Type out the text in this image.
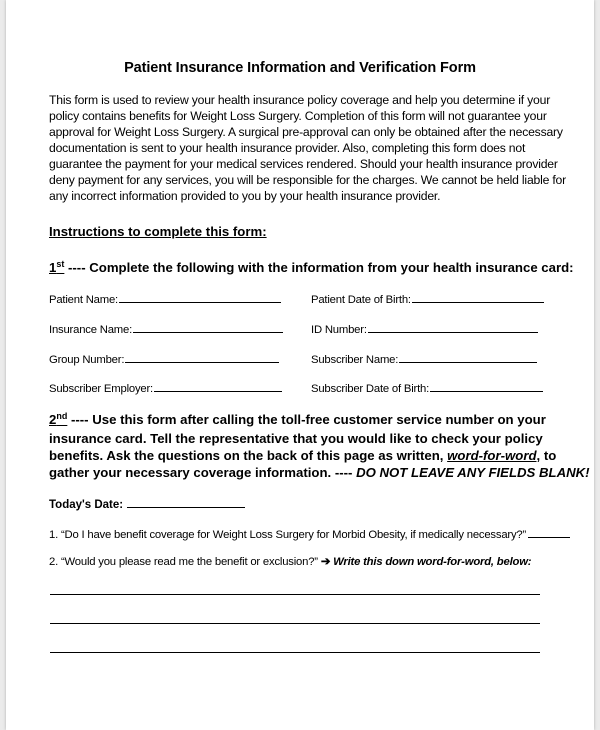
Patient Insurance Information and Verification Form
This form is used to review your health insurance policy coverage and help you determine if your
policy contains benefits for Weight Loss Surgery. Completion of this form will not guarantee your
approval for Weight Loss Surgery. A surgical pre-approval can only be obtained after the necessary
documentation is sent to your health insurance provider. Also, completing this form does not
guarantee the payment for your medical services rendered. Should your health insurance provider
deny payment for any services, you will be responsible for the charges. We cannot be held liable for
any incorrect information provided to you by your health insurance provider.
Instructions to complete this form:
1st ---- Complete the following with the information from your health insurance card:
Patient Name:	Patient Date of Birth:
Insurance Name:	ID Number:
Group Number:	Subscriber Name:
Subscriber Employer:	Subscriber Date of Birth:
2nd ---- Use this form after calling the toll-free customer service number on your
insurance card. Tell the representative that you would like to check your policy
benefits. Ask the questions on the back of this page as written, word-for-word, to
gather your necessary coverage information. ---- DO NOT LEAVE ANY FIELDS BLANK!
Today's Date:
1. “Do I have benefit coverage for Weight Loss Surgery for Morbid Obesity, if medically necessary?”
2. “Would you please read me the benefit or exclusion?” ➔ Write this down word-for-word, below:
